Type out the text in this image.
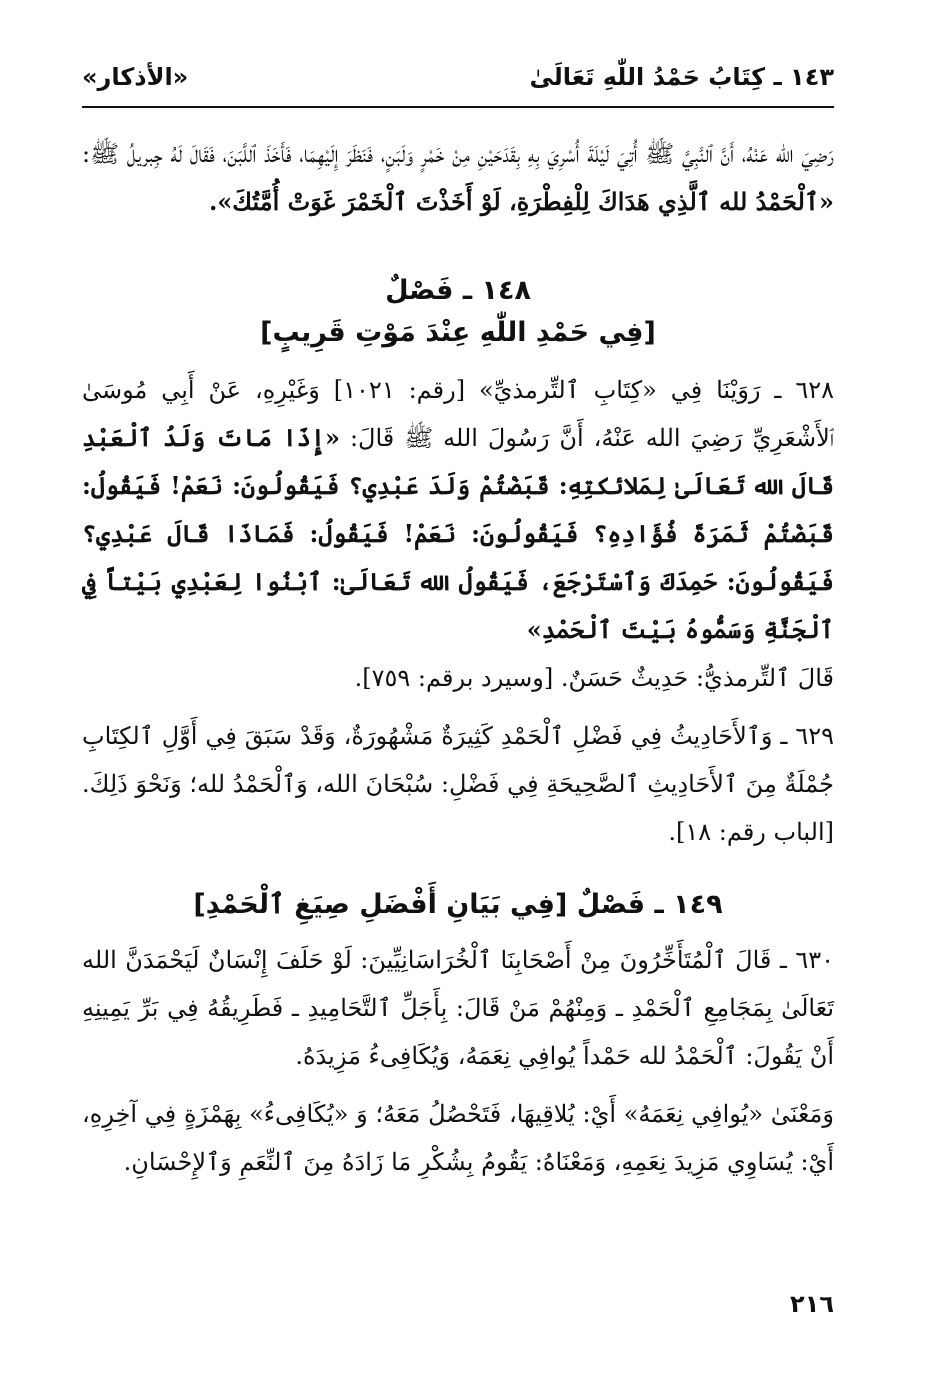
١٤٣ ـ كِتَابُ حَمْدُ اللّٰهِ تَعَالَىٰ
«الأذكار»

رَضِيَ الله عَنْهُ، أَنَّ ٱلنَّبِيَّ ﷺ أُتِيَ لَيْلَةَ أُسْرِيَ بِهِ بِقَدَحَيْنِ مِنْ خَمْرٍ وَلَبَنٍ، فَنَظَرَ إِلَيْهِمَا، فَأَخَذَ ٱللَّبَنَ، فَقَالَ لَهُ جِبريلُ ﷺ: «ٱلْحَمْدُ لله ٱلَّذِي هَدَاكَ لِلْفِطْرَةِ، لَوْ أَخَذْتَ ٱلْخَمْرَ غَوَتْ أُمَّتُكَ».

١٤٨ ـ فَصْلٌ
[فِي حَمْدِ اللّٰهِ عِنْدَ مَوْتِ قَرِيبٍ]

٦٢٨ ـ رَوَيْنَا فِي «كِتَابِ ٱلتِّرمذيِّ» [رقم: ١٠٢١] وَغَيْرِهِ، عَنْ أَبِي مُوسَىٰ ٱلأَشْعَرِيِّ رَضِيَ الله عَنْهُ، أَنَّ رَسُولَ الله ﷺ قَالَ: «إِذَا مَاتَ وَلَدُ ٱلْعَبْدِ قَالَ الله تَعَالَىٰ لِمَلائكتِهِ: قَبَضْتُمْ وَلَدَ عَبْدِي؟ فَيَقُولُونَ: نَعَمْ! فَيَقُولُ: قَبَضْتُمْ ثَمَرَةَ فُؤَادِهِ؟ فَيَقُولُونَ: نَعَمْ! فَيَقُولُ: فَمَاذَا قَالَ عَبْدِي؟ فَيَقُولُونَ: حَمِدَكَ وَٱسْتَرْجَعَ، فَيَقُولُ الله تَعَالَىٰ: ٱبْنُوا لِعَبْدِي بَيْتاً فِي ٱلْجَنَّةِ وَسَمُّوهُ بَيْتَ ٱلْحَمْدِ»

قَالَ ٱلتِّرمذيُّ: حَدِيثٌ حَسَنٌ. [وسيرد برقم: ٧٥٩].

٦٢٩ ـ وَٱلأَحَادِيثُ فِي فَضْلِ ٱلْحَمْدِ كَثِيرَةٌ مَشْهُورَةٌ، وَقَدْ سَبَقَ فِي أَوَّلِ ٱلكِتَابِ جُمْلَةٌ مِنَ ٱلأَحَادِيثِ ٱلصَّحِيحَةِ فِي فَضْلِ: سُبْحَانَ الله، وَٱلْحَمْدُ لله؛ وَنَحْوَ ذَلِكَ. [الباب رقم: ١٨].

١٤٩ ـ فَصْلٌ [فِي بَيَانِ أَفْضَلِ صِيَغِ ٱلْحَمْدِ]

٦٣٠ ـ قَالَ ٱلْمُتَأَخِّرُونَ مِنْ أَصْحَابِنَا ٱلْخُرَاسَانِيِّينَ: لَوْ حَلَفَ إِنْسَانٌ لَيَحْمَدَنَّ الله تَعَالَىٰ بِمَجَامِعِ ٱلْحَمْدِ ـ وَمِنْهُمْ مَنْ قَالَ: بِأَجَلِّ ٱلتَّحَامِيدِ ـ فَطَرِيقُهُ فِي بَرِّ يَمِينِهِ أَنْ يَقُولَ: ٱلْحَمْدُ لله حَمْداً يُوافِي نِعَمَهُ، وَيُكَافِىءُ مَزِيدَهُ.

وَمَعْنَىٰ «يُوافِي نِعَمَهُ» أَيْ: يُلاقِيهَا، فَتَحْصُلُ مَعَهُ؛ وَ «يُكَافِىءُ» بِهَمْزَةٍ فِي آخِرِهِ، أَيْ: يُسَاوِي مَزِيدَ نِعَمِهِ، وَمَعْنَاهُ: يَقُومُ بِشُكْرِ مَا زَادَهُ مِنَ ٱلنِّعَمِ وَٱلإِحْسَانِ.

٢١٦
